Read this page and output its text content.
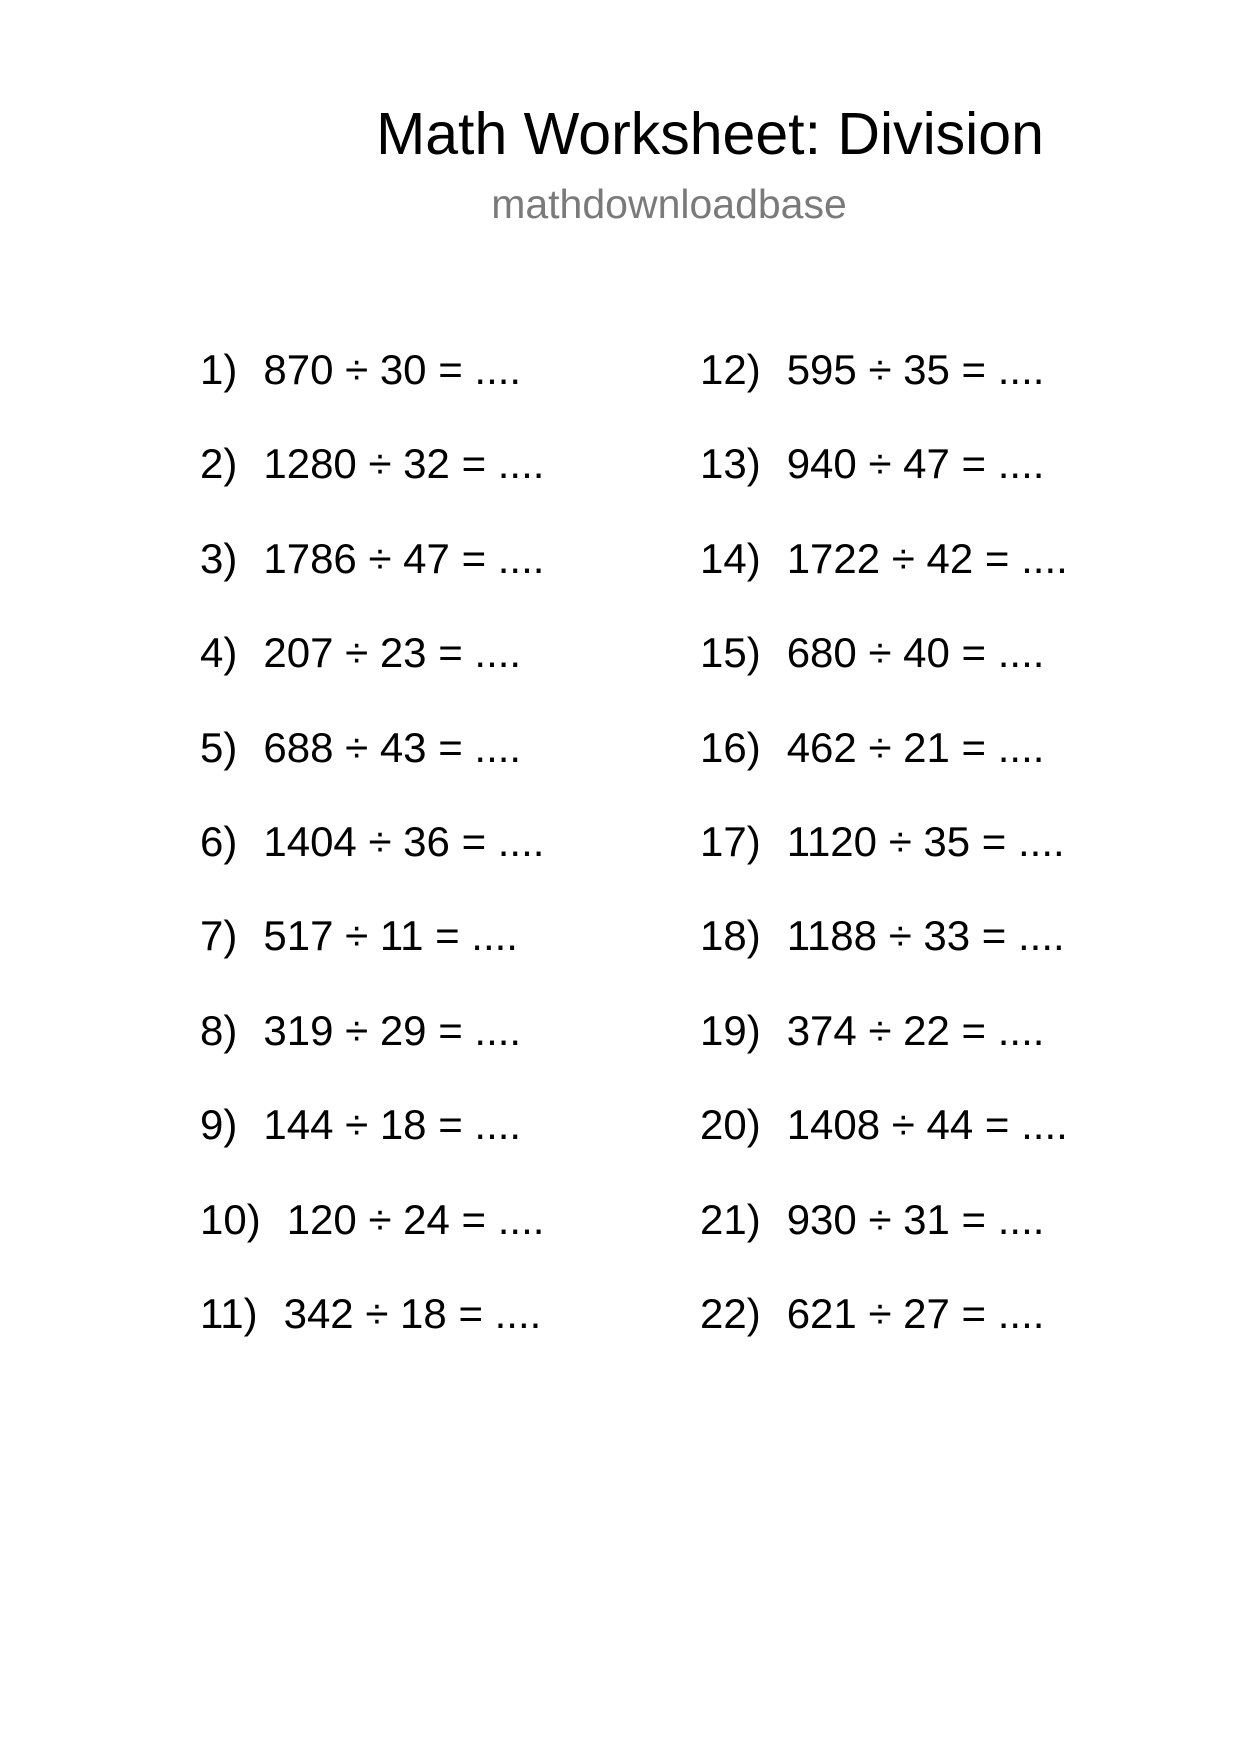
Math Worksheet: Division
mathdownloadbase
1) 870 ÷ 30 = ....
2) 1280 ÷ 32 = ....
3) 1786 ÷ 47 = ....
4) 207 ÷ 23 = ....
5) 688 ÷ 43 = ....
6) 1404 ÷ 36 = ....
7) 517 ÷ 11 = ....
8) 319 ÷ 29 = ....
9) 144 ÷ 18 = ....
10) 120 ÷ 24 = ....
11) 342 ÷ 18 = ....
12) 595 ÷ 35 = ....
13) 940 ÷ 47 = ....
14) 1722 ÷ 42 = ....
15) 680 ÷ 40 = ....
16) 462 ÷ 21 = ....
17) 1120 ÷ 35 = ....
18) 1188 ÷ 33 = ....
19) 374 ÷ 22 = ....
20) 1408 ÷ 44 = ....
21) 930 ÷ 31 = ....
22) 621 ÷ 27 = ....
